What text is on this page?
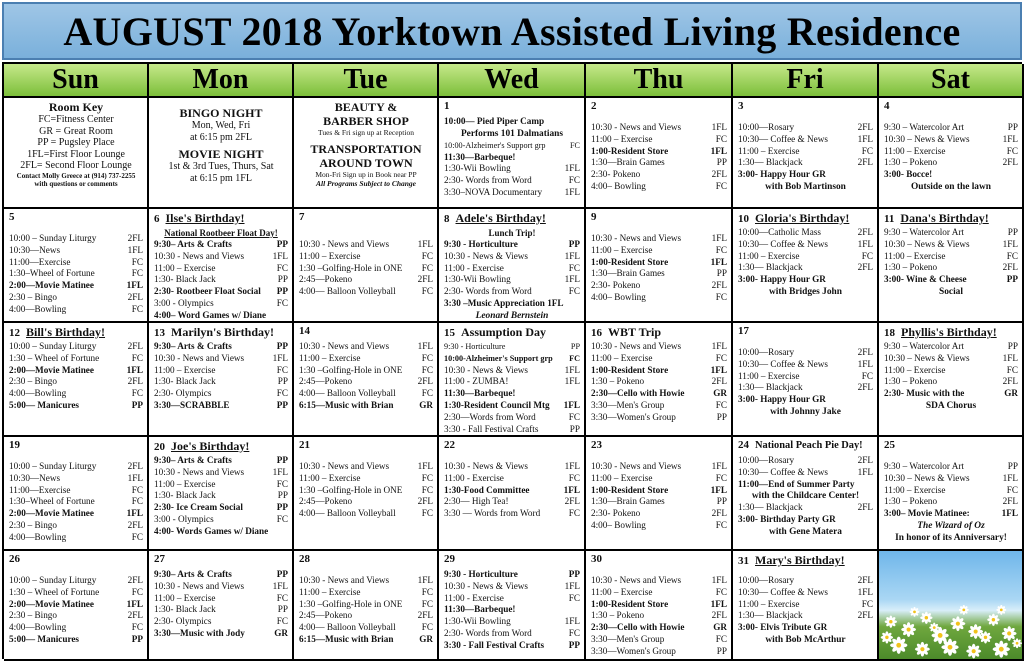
AUGUST 2018 Yorktown Assisted Living Residence
Sun	Mon	Tue	Wed	Thu	Fri	Sat
Room Key
FC=Fitness Center
GR = Great Room
PP = Pugsley Place
1FL=First Floor Lounge
2FL= Second Floor Lounge
Contact Molly Greece at (914) 737-2255
with questions or comments
BINGO NIGHT
Mon, Wed, Fri
at 6:15 pm 2FL
MOVIE NIGHT
1st & 3rd Tues, Thurs, Sat
at 6:15 pm 1FL
BEAUTY &
BARBER SHOP
Tues & Fri sign up at Reception
TRANSPORTATION
AROUND TOWN
Mon-Fri Sign up in Book near PP
All Programs Subject to Change
1
10:00— Pied Piper Camp
Performs 101 Dalmatians
10:00-Alzheimer's Support grp	FC
11:30—Barbeque!
1:30-Wii Bowling	1FL
2:30- Words from Word	FC
3:30–NOVA Documentary	1FL
2
10:30 - News and Views	1FL
11:00 – Exercise	FC
1:00-Resident Store	1FL
1:30—Brain Games	PP
2:30- Pokeno	2FL
4:00– Bowling	FC
3
10:00—Rosary	2FL
10:30— Coffee & News	1FL
11:00 – Exercise	FC
1:30— Blackjack	2FL
3:00- Happy Hour GR
with Bob Martinson
4
9:30 – Watercolor Art	PP
10:30 – News & Views	1FL
11:00 – Exercise	FC
1:30 – Pokeno	2FL
3:00- Bocce!
Outside on the lawn
5
10:00 – Sunday Liturgy	2FL
10:30—News	1FL
11:00—Exercise	FC
1:30–Wheel of Fortune	FC
2:00—Movie Matinee	1FL
2:30 – Bingo	2FL
4:00—Bowling	FC
6 Ilse's Birthday!
National Rootbeer Float Day!
9:30– Arts & Crafts	PP
10:30 - News and Views	1FL
11:00 – Exercise	FC
1:30- Black Jack	PP
2:30- Rootbeer Float Social	PP
3:00 - Olympics	FC
4:00– Word Games w/ Diane
7
10:30 - News and Views	1FL
11:00 – Exercise	FC
1:30 –Golfing-Hole in ONE	FC
2:45—Pokeno	2FL
4:00— Balloon Volleyball	FC
8 Adele's Birthday!
Lunch Trip!
9:30 - Horticulture	PP
10:30 - News & Views	1FL
11:00 - Exercise	FC
1:30-Wii Bowling	1FL
2:30- Words from Word	FC
3:30 –Music Appreciation 1FL
Leonard Bernstein
9
10:30 - News and Views	1FL
11:00 – Exercise	FC
1:00-Resident Store	1FL
1:30—Brain Games	PP
2:30- Pokeno	2FL
4:00– Bowling	FC
10 Gloria's Birthday!
10:00—Catholic Mass	2FL
10:30— Coffee & News	1FL
11:00 – Exercise	FC
1:30— Blackjack	2FL
3:00- Happy Hour GR
with Bridges John
11 Dana's Birthday!
9:30 – Watercolor Art	PP
10:30 – News & Views	1FL
11:00 – Exercise	FC
1:30 – Pokeno	2FL
3:00- Wine & Cheese	PP
Social
12 Bill's Birthday!
10:00 – Sunday Liturgy	2FL
1:30 – Wheel of Fortune	FC
2:00—Movie Matinee	1FL
2:30 – Bingo	2FL
4:00—Bowling	FC
5:00— Manicures	PP
13 Marilyn's Birthday!
9:30– Arts & Crafts	PP
10:30 - News and Views	1FL
11:00 – Exercise	FC
1:30- Black Jack	PP
2:30- Olympics	FC
3:30—SCRABBLE	PP
14
10:30 - News and Views	1FL
11:00 – Exercise	FC
1:30 –Golfing-Hole in ONE	FC
2:45—Pokeno	2FL
4:00— Balloon Volleyball	FC
6:15—Music with Brian	GR
15 Assumption Day
9:30 - Horticulture	PP
10:00-Alzheimer's Support grp	FC
10:30 - News & Views	1FL
11:00 - ZUMBA!	1FL
11:30—Barbeque!
1:30-Resident Council Mtg	1FL
2:30—Words from Word	FC
3:30 - Fall Festival Crafts	PP
16 WBT Trip
10:30 - News and Views	1FL
11:00 – Exercise	FC
1:00-Resident Store	1FL
1:30 – Pokeno	2FL
2:30—Cello with Howie	GR
3:30—Men's Group	FC
3:30—Women's Group	PP
17
10:00—Rosary	2FL
10:30— Coffee & News	1FL
11:00 – Exercise	FC
1:30— Blackjack	2FL
3:00- Happy Hour GR
with Johnny Jake
18 Phyllis's Birthday!
9:30 – Watercolor Art	PP
10:30 – News & Views	1FL
11:00 – Exercise	FC
1:30 – Pokeno	2FL
2:30- Music with the	GR
SDA Chorus
19
10:00 – Sunday Liturgy	2FL
10:30—News	1FL
11:00—Exercise	FC
1:30–Wheel of Fortune	FC
2:00—Movie Matinee	1FL
2:30 – Bingo	2FL
4:00—Bowling	FC
20 Joe's Birthday!
9:30– Arts & Crafts	PP
10:30 - News and Views	1FL
11:00 – Exercise	FC
1:30- Black Jack	PP
2:30- Ice Cream Social	PP
3:00 - Olympics	FC
4:00- Words Games w/ Diane
21
10:30 - News and Views	1FL
11:00 – Exercise	FC
1:30 –Golfing-Hole in ONE	FC
2:45—Pokeno	2FL
4:00— Balloon Volleyball	FC
22
10:30 - News & Views	1FL
11:00 - Exercise	FC
1:30-Food Committee	1FL
2:30— High Tea!	2FL
3:30 — Words from Word	FC
23
10:30 - News and Views	1FL
11:00 – Exercise	FC
1:00-Resident Store	1FL
1:30—Brain Games	PP
2:30- Pokeno	2FL
4:00– Bowling	FC
24 National Peach Pie Day!
10:00—Rosary	2FL
10:30— Coffee & News	1FL
11:00—End of Summer Party
with the Childcare Center!
1:30— Blackjack	2FL
3:00- Birthday Party GR
with Gene Matera
25
9:30 – Watercolor Art	PP
10:30 – News & Views	1FL
11:00 – Exercise	FC
1:30 – Pokeno	2FL
3:00– Movie Matinee:	1FL
The Wizard of Oz
In honor of its Anniversary!
26
10:00 – Sunday Liturgy	2FL
1:30 – Wheel of Fortune	FC
2:00—Movie Matinee	1FL
2:30 – Bingo	2FL
4:00—Bowling	FC
5:00— Manicures	PP
27
9:30– Arts & Crafts	PP
10:30 - News and Views	1FL
11:00 – Exercise	FC
1:30- Black Jack	PP
2:30- Olympics	FC
3:30—Music with Jody	GR
28
10:30 - News and Views	1FL
11:00 – Exercise	FC
1:30 –Golfing-Hole in ONE	FC
2:45—Pokeno	2FL
4:00— Balloon Volleyball	FC
6:15—Music with Brian	GR
29
9:30 - Horticulture	PP
10:30 - News & Views	1FL
11:00 - Exercise	FC
11:30—Barbeque!
1:30-Wii Bowling	1FL
2:30- Words from Word	FC
3:30 - Fall Festival Crafts	PP
30
10:30 - News and Views	1FL
11:00 – Exercise	FC
1:00-Resident Store	1FL
1:30 – Pokeno	2FL
2:30—Cello with Howie	GR
3:30—Men's Group	FC
3:30—Women's Group	PP
31 Mary's Birthday!
10:00—Rosary	2FL
10:30— Coffee & News	1FL
11:00 – Exercise	FC
1:30— Blackjack	2FL
3:00- Elvis Tribute GR
with Bob McArthur
